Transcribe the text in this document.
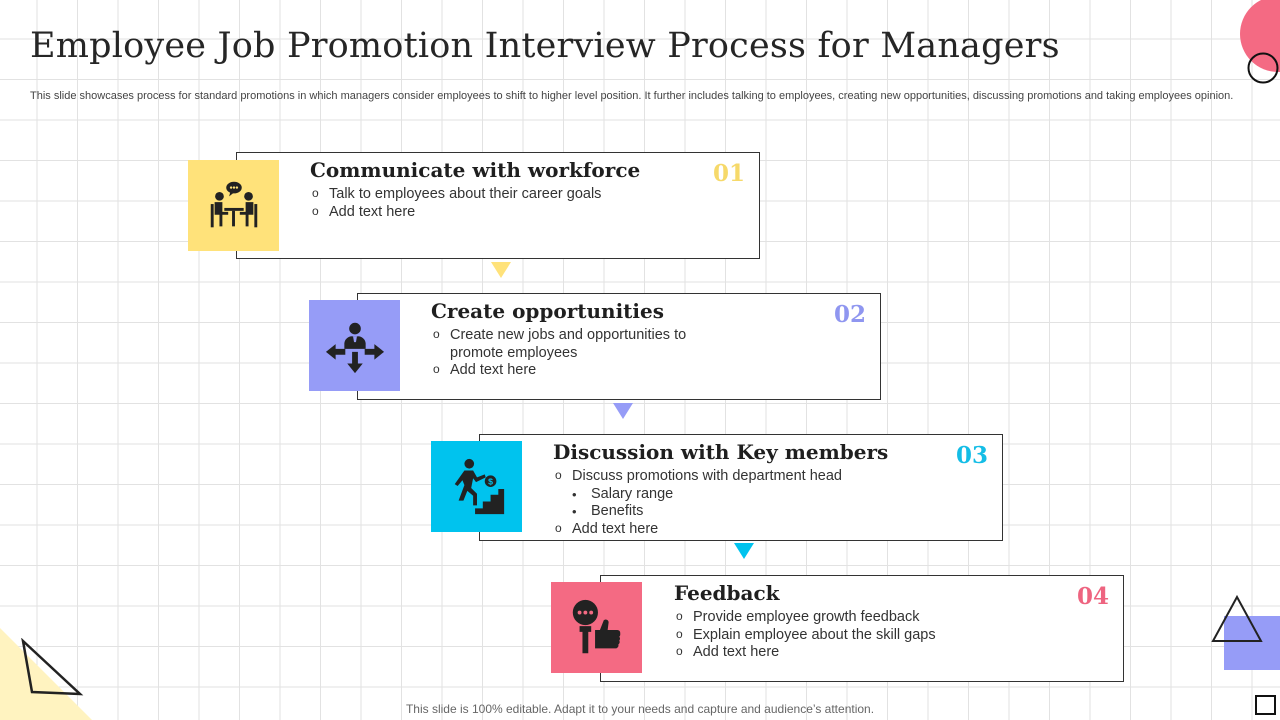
Employee Job Promotion Interview Process for Managers

This slide showcases process for standard promotions in which managers consider employees to shift to higher level position. It further includes talking to employees, creating new opportunities, discussing promotions and taking employees opinion.

Communicate with workforce	01
o Talk to employees about their career goals
o Add text here
Create opportunities	02
o Create new jobs and opportunities to promote employees
o Add text here
Discussion with Key members	03
o Discuss promotions with department head
• Salary range
• Benefits
o Add text here
$
Feedback	04
o Provide employee growth feedback
o Explain employee about the skill gaps
o Add text here
This slide is 100% editable. Adapt it to your needs and capture and audience’s attention.
